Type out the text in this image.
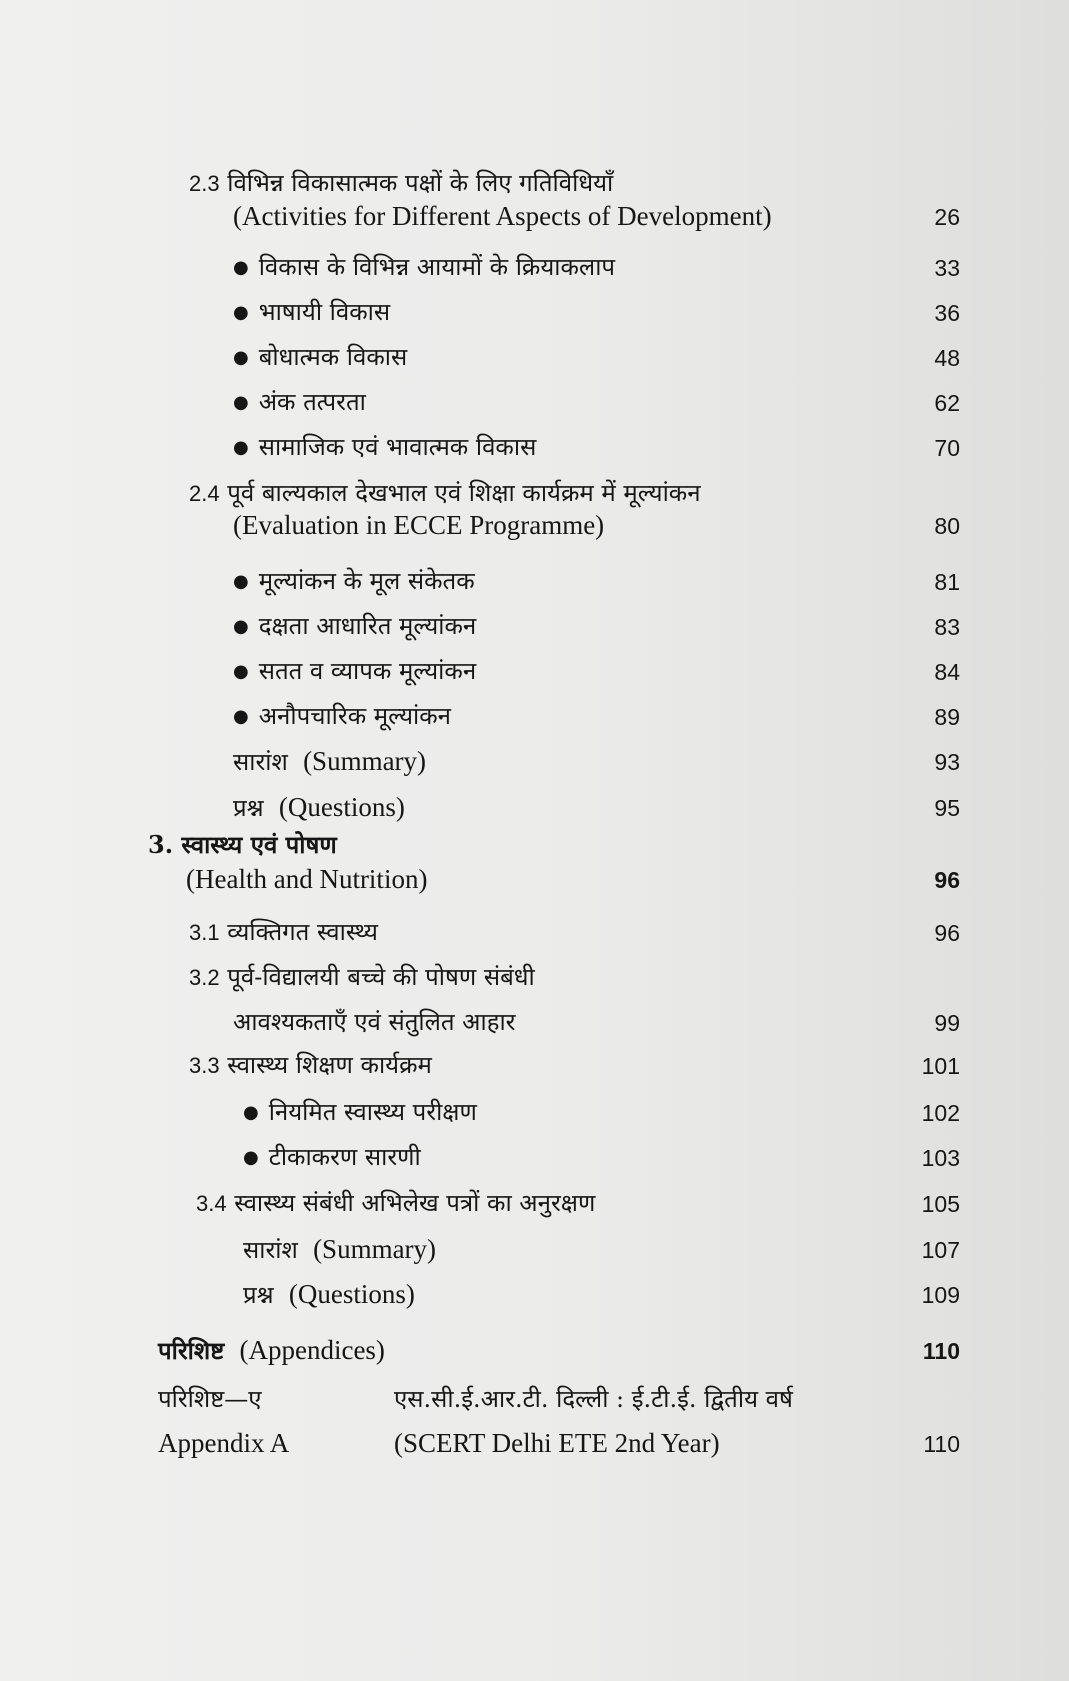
2.3 विभिन्न विकासात्मक पक्षों के लिए गतिविधियाँ
(Activities for Different Aspects of Development)	26
● विकास के विभिन्न आयामों के क्रियाकलाप	33
● भाषायी विकास	36
● बोधात्मक विकास	48
● अंक तत्परता	62
● सामाजिक एवं भावात्मक विकास	70
2.4 पूर्व बाल्यकाल देखभाल एवं शिक्षा कार्यक्रम में मूल्यांकन
(Evaluation in ECCE Programme)	80
● मूल्यांकन के मूल संकेतक	81
● दक्षता आधारित मूल्यांकन	83
● सतत व व्यापक मूल्यांकन	84
● अनौपचारिक मूल्यांकन	89
सारांश (Summary)	93
प्रश्न (Questions)	95
3. स्वास्थ्य एवं पोषण
(Health and Nutrition)	96
3.1 व्यक्तिगत स्वास्थ्य	96
3.2 पूर्व-विद्यालयी बच्चे की पोषण संबंधी
आवश्यकताएँ एवं संतुलित आहार	99
3.3 स्वास्थ्य शिक्षण कार्यक्रम	101
● नियमित स्वास्थ्य परीक्षण	102
● टीकाकरण सारणी	103
3.4 स्वास्थ्य संबंधी अभिलेख पत्रों का अनुरक्षण	105
सारांश (Summary)	107
प्रश्न (Questions)	109
परिशिष्ट (Appendices)	110
परिशिष्ट—ए	एस.सी.ई.आर.टी. दिल्ली : ई.टी.ई. द्वितीय वर्ष
Appendix A	(SCERT Delhi ETE 2nd Year)	110
